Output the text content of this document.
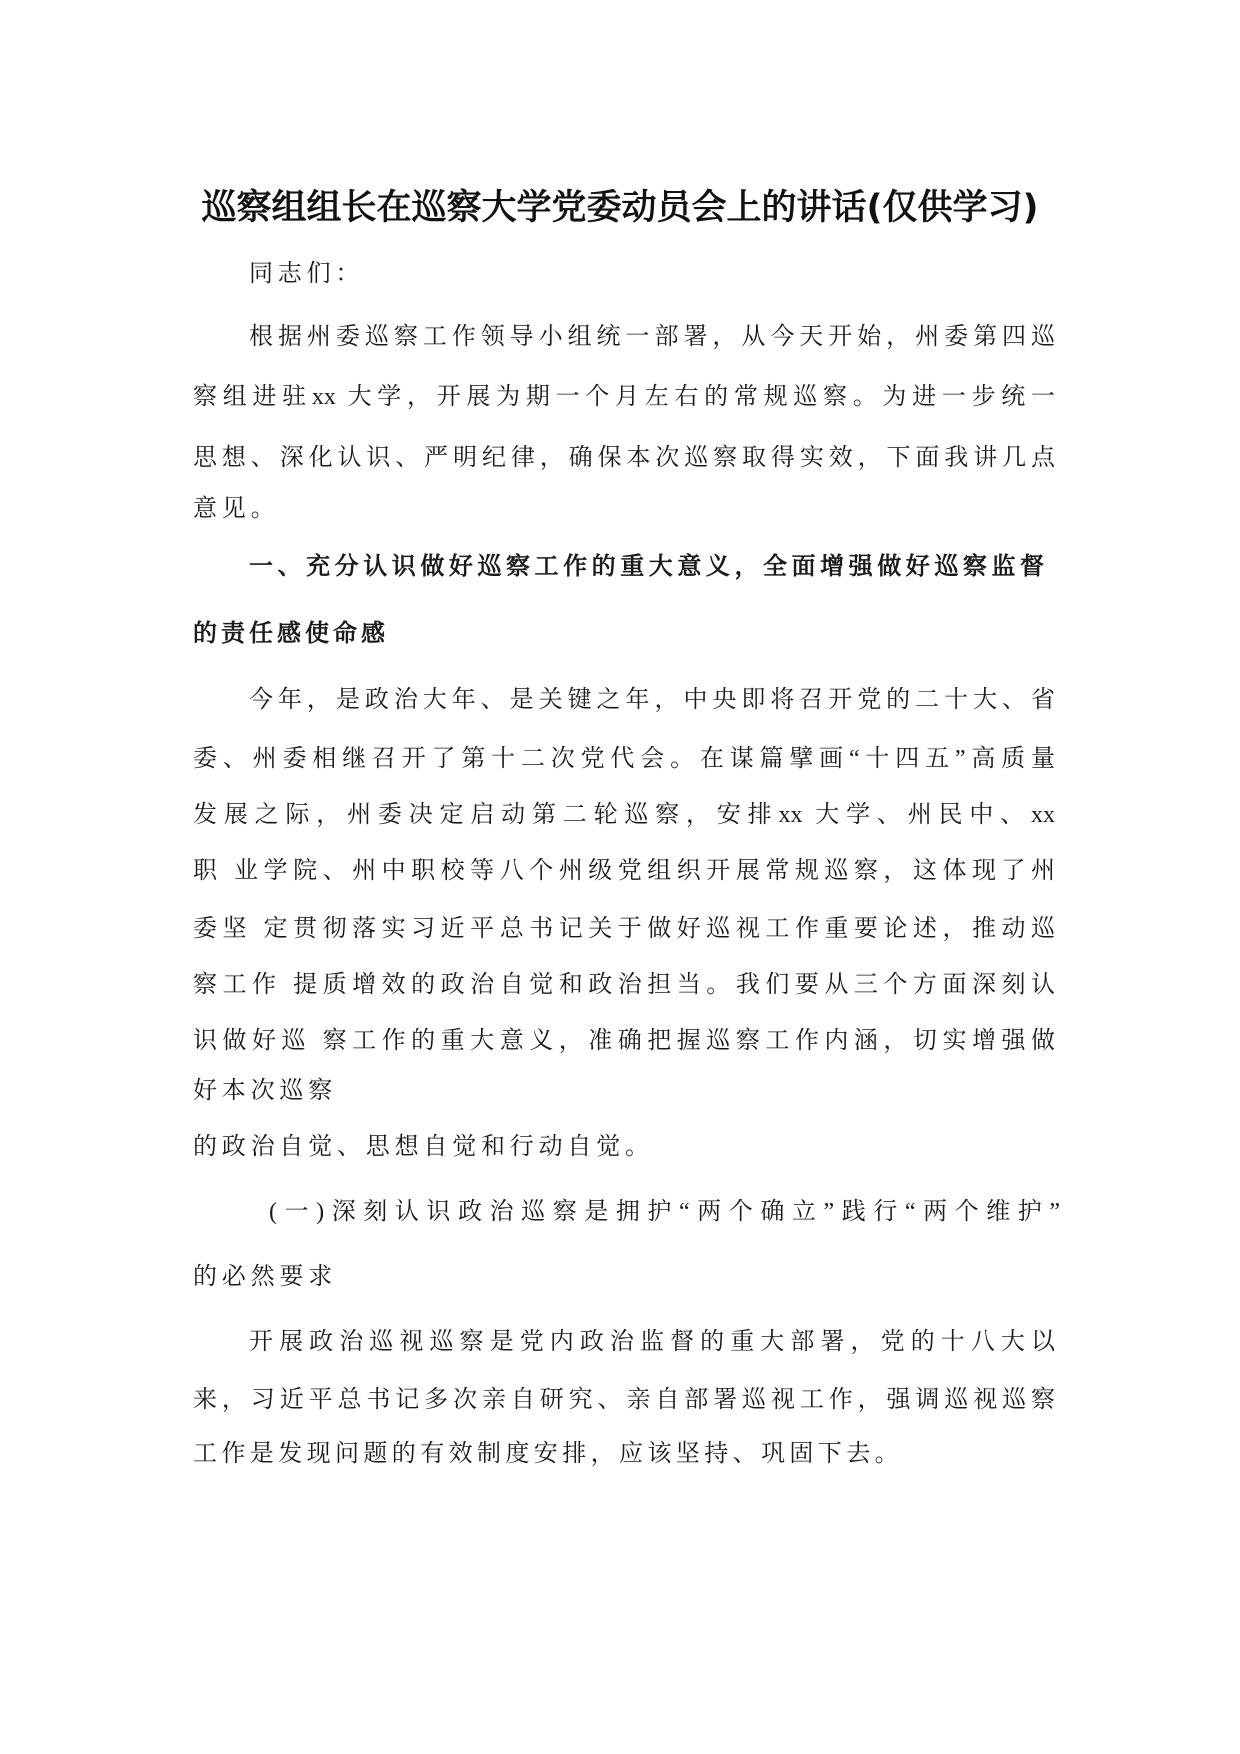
巡察组组长在巡察大学党委动员会上的讲话(仅供学习)
同志们：
根据州委巡察工作领导小组统一部署，从今天开始，州委第四巡
察组进驻xx 大学，开展为期一个月左右的常规巡察。为进一步统一
思想、深化认识、严明纪律，确保本次巡察取得实效，下面我讲几点
意见。
一、充分认识做好巡察工作的重大意义，全面增强做好巡察监督
的责任感使命感
今年，是政治大年、是关键之年，中央即将召开党的二十大、省
委、州委相继召开了第十二次党代会。在谋篇擘画“十四五”高质量
发展之际，州委决定启动第二轮巡察，安排xx 大学、州民中、xx
职 业学院、州中职校等八个州级党组织开展常规巡察，这体现了州
委坚 定贯彻落实习近平总书记关于做好巡视工作重要论述，推动巡
察工作 提质增效的政治自觉和政治担当。我们要从三个方面深刻认
识做好巡 察工作的重大意义，准确把握巡察工作内涵，切实增强做
好本次巡察
的政治自觉、思想自觉和行动自觉。
(一)深刻认识政治巡察是拥护“两个确立”践行“两个维护”
的必然要求
开展政治巡视巡察是党内政治监督的重大部署，党的十八大以
来，习近平总书记多次亲自研究、亲自部署巡视工作，强调巡视巡察
工作是发现问题的有效制度安排，应该坚持、巩固下去。
